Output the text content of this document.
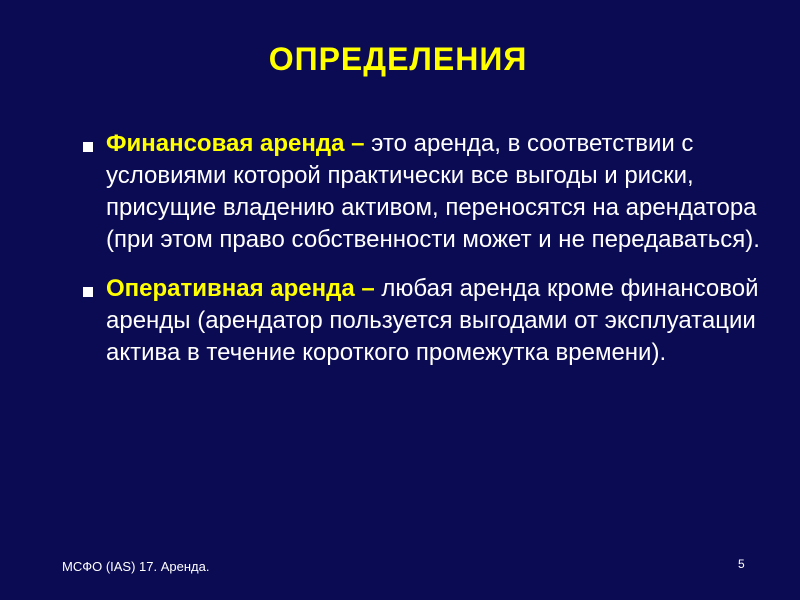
ОПРЕДЕЛЕНИЯ
Финансовая аренда – это аренда, в соответствии с условиями которой практически все выгоды и риски, присущие владению активом, переносятся на арендатора (при этом право собственности может и не передаваться).
Оперативная аренда – любая аренда кроме финансовой аренды (арендатор пользуется выгодами от эксплуатации актива в течение короткого промежутка времени).
МСФО (IAS) 17. Аренда.	5
